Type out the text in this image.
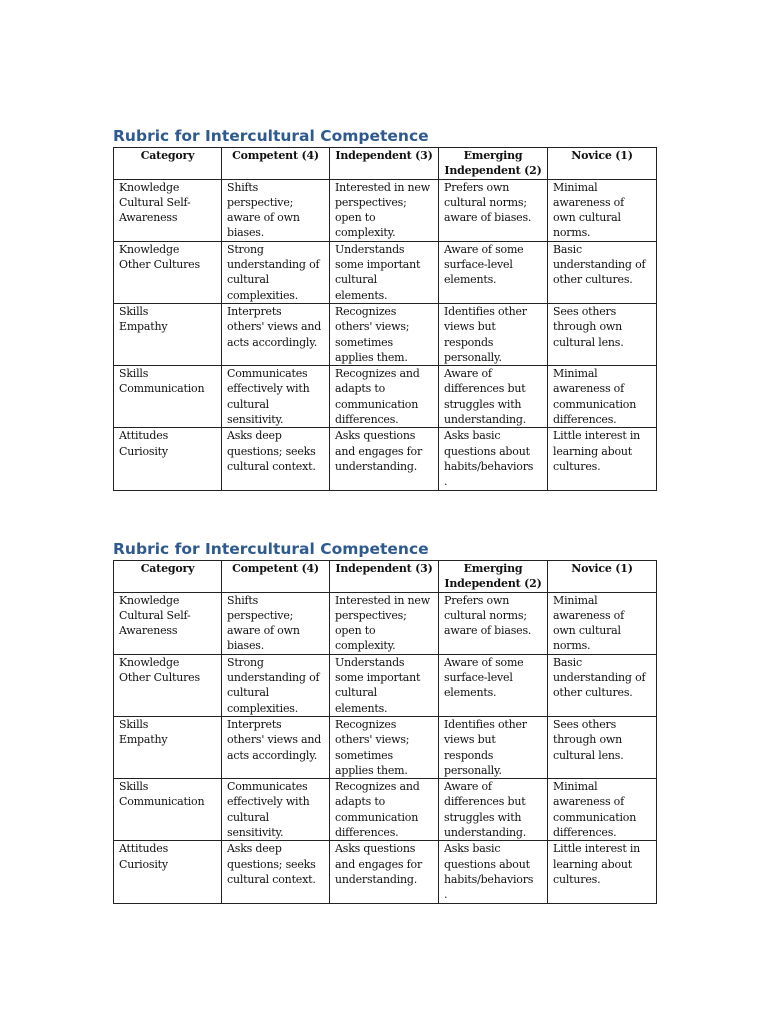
Rubric for Intercultural Competence
Category	Competent (4)	Independent (3)	Emerging Independent (2)	Novice (1)

Knowledge
Cultural Self-
Awareness	Shifts
perspective;
aware of own
biases.	Interested in new
perspectives;
open to
complexity.	Prefers own
cultural norms;
aware of biases.	Minimal
awareness of
own cultural
norms.

Knowledge
Other Cultures	Strong
understanding of
cultural
complexities.	Understands
some important
cultural
elements.	Aware of some
surface-level
elements.	Basic
understanding of
other cultures.

Skills
Empathy	Interprets
others' views and
acts accordingly.	Recognizes
others' views;
sometimes
applies them.	Identifies other
views but
responds
personally.	Sees others
through own
cultural lens.

Skills
Communication	Communicates
effectively with
cultural
sensitivity.	Recognizes and
adapts to
communication
differences.	Aware of
differences but
struggles with
understanding.	Minimal
awareness of
communication
differences.

Attitudes
Curiosity	Asks deep
questions; seeks
cultural context.	Asks questions
and engages for
understanding.	Asks basic
questions about
habits/behaviors
.	Little interest in
learning about
cultures.
Rubric for Intercultural Competence
Category	Competent (4)	Independent (3)	Emerging Independent (2)	Novice (1)

Knowledge
Cultural Self-
Awareness	Shifts
perspective;
aware of own
biases.	Interested in new
perspectives;
open to
complexity.	Prefers own
cultural norms;
aware of biases.	Minimal
awareness of
own cultural
norms.

Knowledge
Other Cultures	Strong
understanding of
cultural
complexities.	Understands
some important
cultural
elements.	Aware of some
surface-level
elements.	Basic
understanding of
other cultures.

Skills
Empathy	Interprets
others' views and
acts accordingly.	Recognizes
others' views;
sometimes
applies them.	Identifies other
views but
responds
personally.	Sees others
through own
cultural lens.

Skills
Communication	Communicates
effectively with
cultural
sensitivity.	Recognizes and
adapts to
communication
differences.	Aware of
differences but
struggles with
understanding.	Minimal
awareness of
communication
differences.

Attitudes
Curiosity	Asks deep
questions; seeks
cultural context.	Asks questions
and engages for
understanding.	Asks basic
questions about
habits/behaviors
.	Little interest in
learning about
cultures.
